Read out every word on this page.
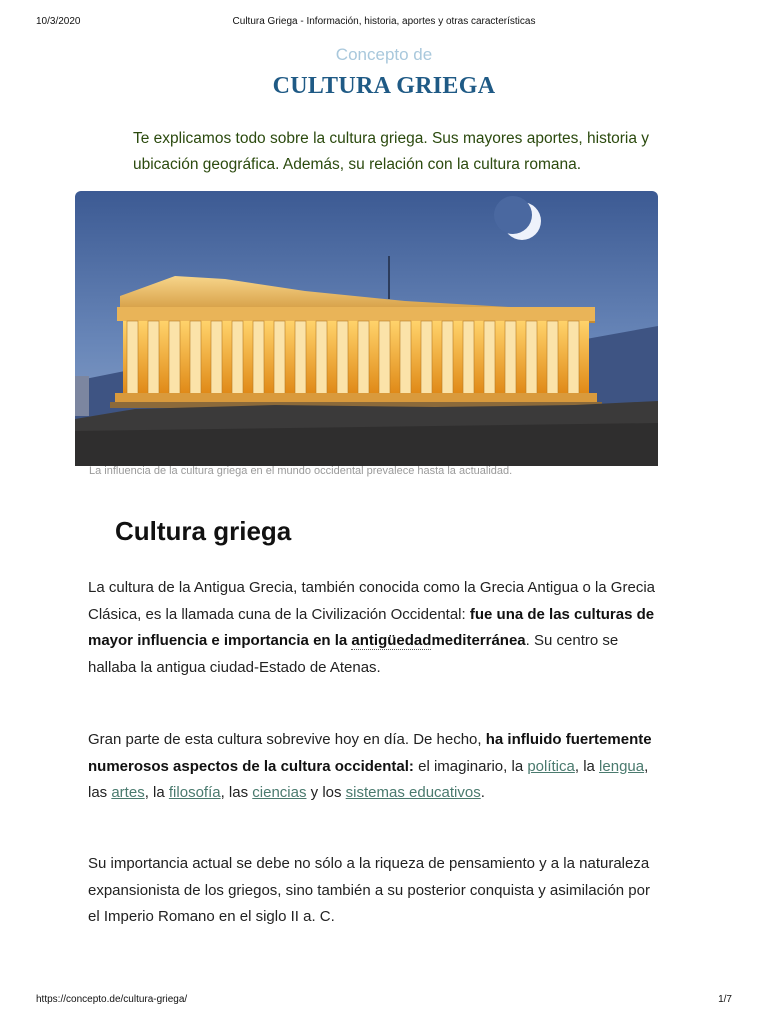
10/3/2020	Cultura Griega - Información, historia, aportes y otras características
Concepto de
CULTURA GRIEGA
Te explicamos todo sobre la cultura griega. Sus mayores aportes, historia y ubicación geográfica. Además, su relación con la cultura romana.
La influencia de la cultura griega en el mundo occidental prevalece hasta la actualidad.
Cultura griega
La cultura de la Antigua Grecia, también conocida como la Grecia Antigua o la Grecia Clásica, es la llamada cuna de la Civilización Occidental: fue una de las culturas de mayor influencia e importancia en la antigüedadmediterránea. Su centro se hallaba la antigua ciudad-Estado de Atenas.
Gran parte de esta cultura sobrevive hoy en día. De hecho, ha influido fuertemente numerosos aspectos de la cultura occidental: el imaginario, la política, la lengua, las artes, la filosofía, las ciencias y los sistemas educativos.
Su importancia actual se debe no sólo a la riqueza de pensamiento y a la naturaleza expansionista de los griegos, sino también a su posterior conquista y asimilación por el Imperio Romano en el siglo II a. C.
https://concepto.de/cultura-griega/	1/7
